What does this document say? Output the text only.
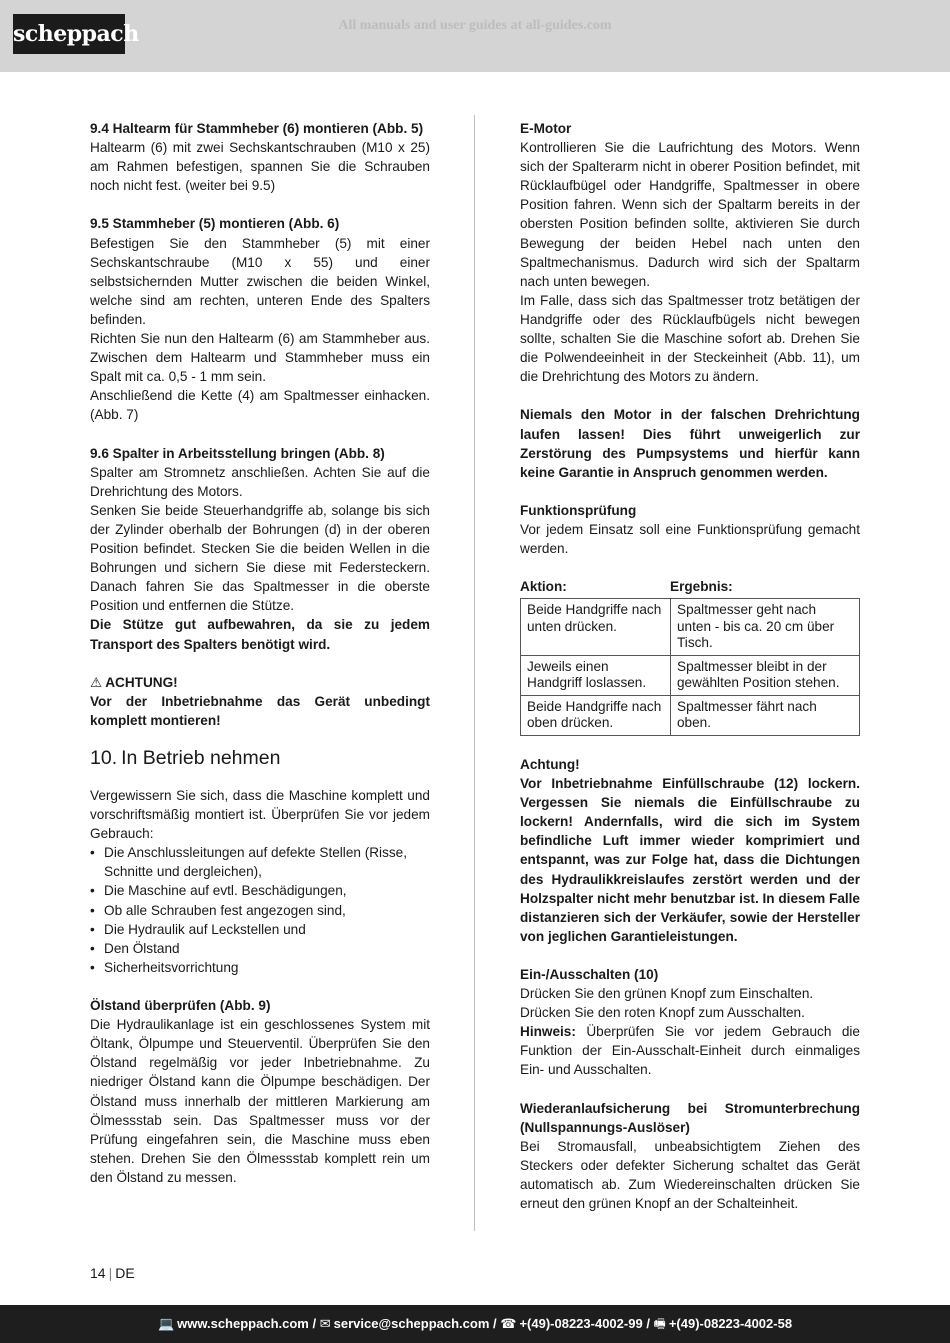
scheppach	All manuals and user guides at all-guides.com

9.4 Haltearm für Stammheber (6) montieren (Abb. 5)

Haltearm (6) mit zwei Sechskantschrauben (M10 x 25) am Rahmen befestigen, spannen Sie die Schrauben noch nicht fest. (weiter bei 9.5)

9.5 Stammheber (5) montieren (Abb. 6)

Befestigen Sie den Stammheber (5) mit einer Sechskantschraube (M10 x 55) und einer selbstsichernden Mutter zwischen die beiden Winkel, welche sind am rechten, unteren Ende des Spalters befinden.

Richten Sie nun den Haltearm (6) am Stammheber aus. Zwischen dem Haltearm und Stammheber muss ein Spalt mit ca. 0,5 - 1 mm sein.

Anschließend die Kette (4) am Spaltmesser einhacken. (Abb. 7)

9.6 Spalter in Arbeitsstellung bringen (Abb. 8)

Spalter am Stromnetz anschließen. Achten Sie auf die Drehrichtung des Motors.

Senken Sie beide Steuerhandgriffe ab, solange bis sich der Zylinder oberhalb der Bohrungen (d) in der oberen Position befindet. Stecken Sie die beiden Wellen in die Bohrungen und sichern Sie diese mit Federsteckern. Danach fahren Sie das Spaltmesser in die oberste Position und entfernen die Stütze.

Die Stütze gut aufbewahren, da sie zu jedem Transport des Spalters benötigt wird.

⚠ ACHTUNG!

Vor der Inbetriebnahme das Gerät unbedingt komplett montieren!

10. In Betrieb nehmen

Vergewissern Sie sich, dass die Maschine komplett und vorschriftsmäßig montiert ist. Überprüfen Sie vor jedem Gebrauch:

• Die Anschlussleitungen auf defekte Stellen (Risse, Schnitte und dergleichen),
• Die Maschine auf evtl. Beschädigungen,
• Ob alle Schrauben fest angezogen sind,
• Die Hydraulik auf Leckstellen und
• Den Ölstand
• Sicherheitsvorrichtung

Ölstand überprüfen (Abb. 9)

Die Hydraulikanlage ist ein geschlossenes System mit Öltank, Ölpumpe und Steuerventil. Überprüfen Sie den Ölstand regelmäßig vor jeder Inbetriebnahme. Zu niedriger Ölstand kann die Ölpumpe beschädigen. Der Ölstand muss innerhalb der mittleren Markierung am Ölmessstab sein. Das Spaltmesser muss vor der Prüfung eingefahren sein, die Maschine muss eben stehen. Drehen Sie den Ölmessstab komplett rein um den Ölstand zu messen.

E-Motor

Kontrollieren Sie die Laufrichtung des Motors. Wenn sich der Spalterarm nicht in oberer Position befindet, mit Rücklaufbügel oder Handgriffe, Spaltmesser in obere Position fahren. Wenn sich der Spaltarm bereits in der obersten Position befinden sollte, aktivieren Sie durch Bewegung der beiden Hebel nach unten den Spaltmechanismus. Dadurch wird sich der Spaltarm nach unten bewegen.

Im Falle, dass sich das Spaltmesser trotz betätigen der Handgriffe oder des Rücklaufbügels nicht bewegen sollte, schalten Sie die Maschine sofort ab. Drehen Sie die Polwendeeinheit in der Steckeinheit (Abb. 11), um die Drehrichtung des Motors zu ändern.

Niemals den Motor in der falschen Drehrichtung laufen lassen! Dies führt unweigerlich zur Zerstörung des Pumpsystems und hierfür kann keine Garantie in Anspruch genommen werden.

Funktionsprüfung

Vor jedem Einsatz soll eine Funktionsprüfung gemacht werden.

Aktion:	Ergebnis:
Beide Handgriffe nach unten drücken.	Spaltmesser geht nach unten - bis ca. 20 cm über Tisch.
Jeweils einen Handgriff loslassen.	Spaltmesser bleibt in der gewählten Position stehen.
Beide Handgriffe nach oben drücken.	Spaltmesser fährt nach oben.

Achtung!

Vor Inbetriebnahme Einfüllschraube (12) lockern. Vergessen Sie niemals die Einfüllschraube zu lockern! Andernfalls, wird die sich im System befindliche Luft immer wieder komprimiert und entspannt, was zur Folge hat, dass die Dichtungen des Hydraulikkreislaufes zerstört werden und der Holzspalter nicht mehr benutzbar ist. In diesem Falle distanzieren sich der Verkäufer, sowie der Hersteller von jeglichen Garantieleistungen.

Ein-/Ausschalten (10)

Drücken Sie den grünen Knopf zum Einschalten.

Drücken Sie den roten Knopf zum Ausschalten.

Hinweis: Überprüfen Sie vor jedem Gebrauch die Funktion der Ein-Ausschalt-Einheit durch einmaliges Ein- und Ausschalten.

Wiederanlaufsicherung bei Stromunterbrechung (Nullspannungs-Auslöser)

Bei Stromausfall, unbeabsichtigtem Ziehen des Steckers oder defekter Sicherung schaltet das Gerät automatisch ab. Zum Wiedereinschalten drücken Sie erneut den grünen Knopf an der Schalteinheit.

14 | DE
💻 www.scheppach.com / ✉ service@scheppach.com / ☎ +(49)-08223-4002-99 / 🖷 +(49)-08223-4002-58
